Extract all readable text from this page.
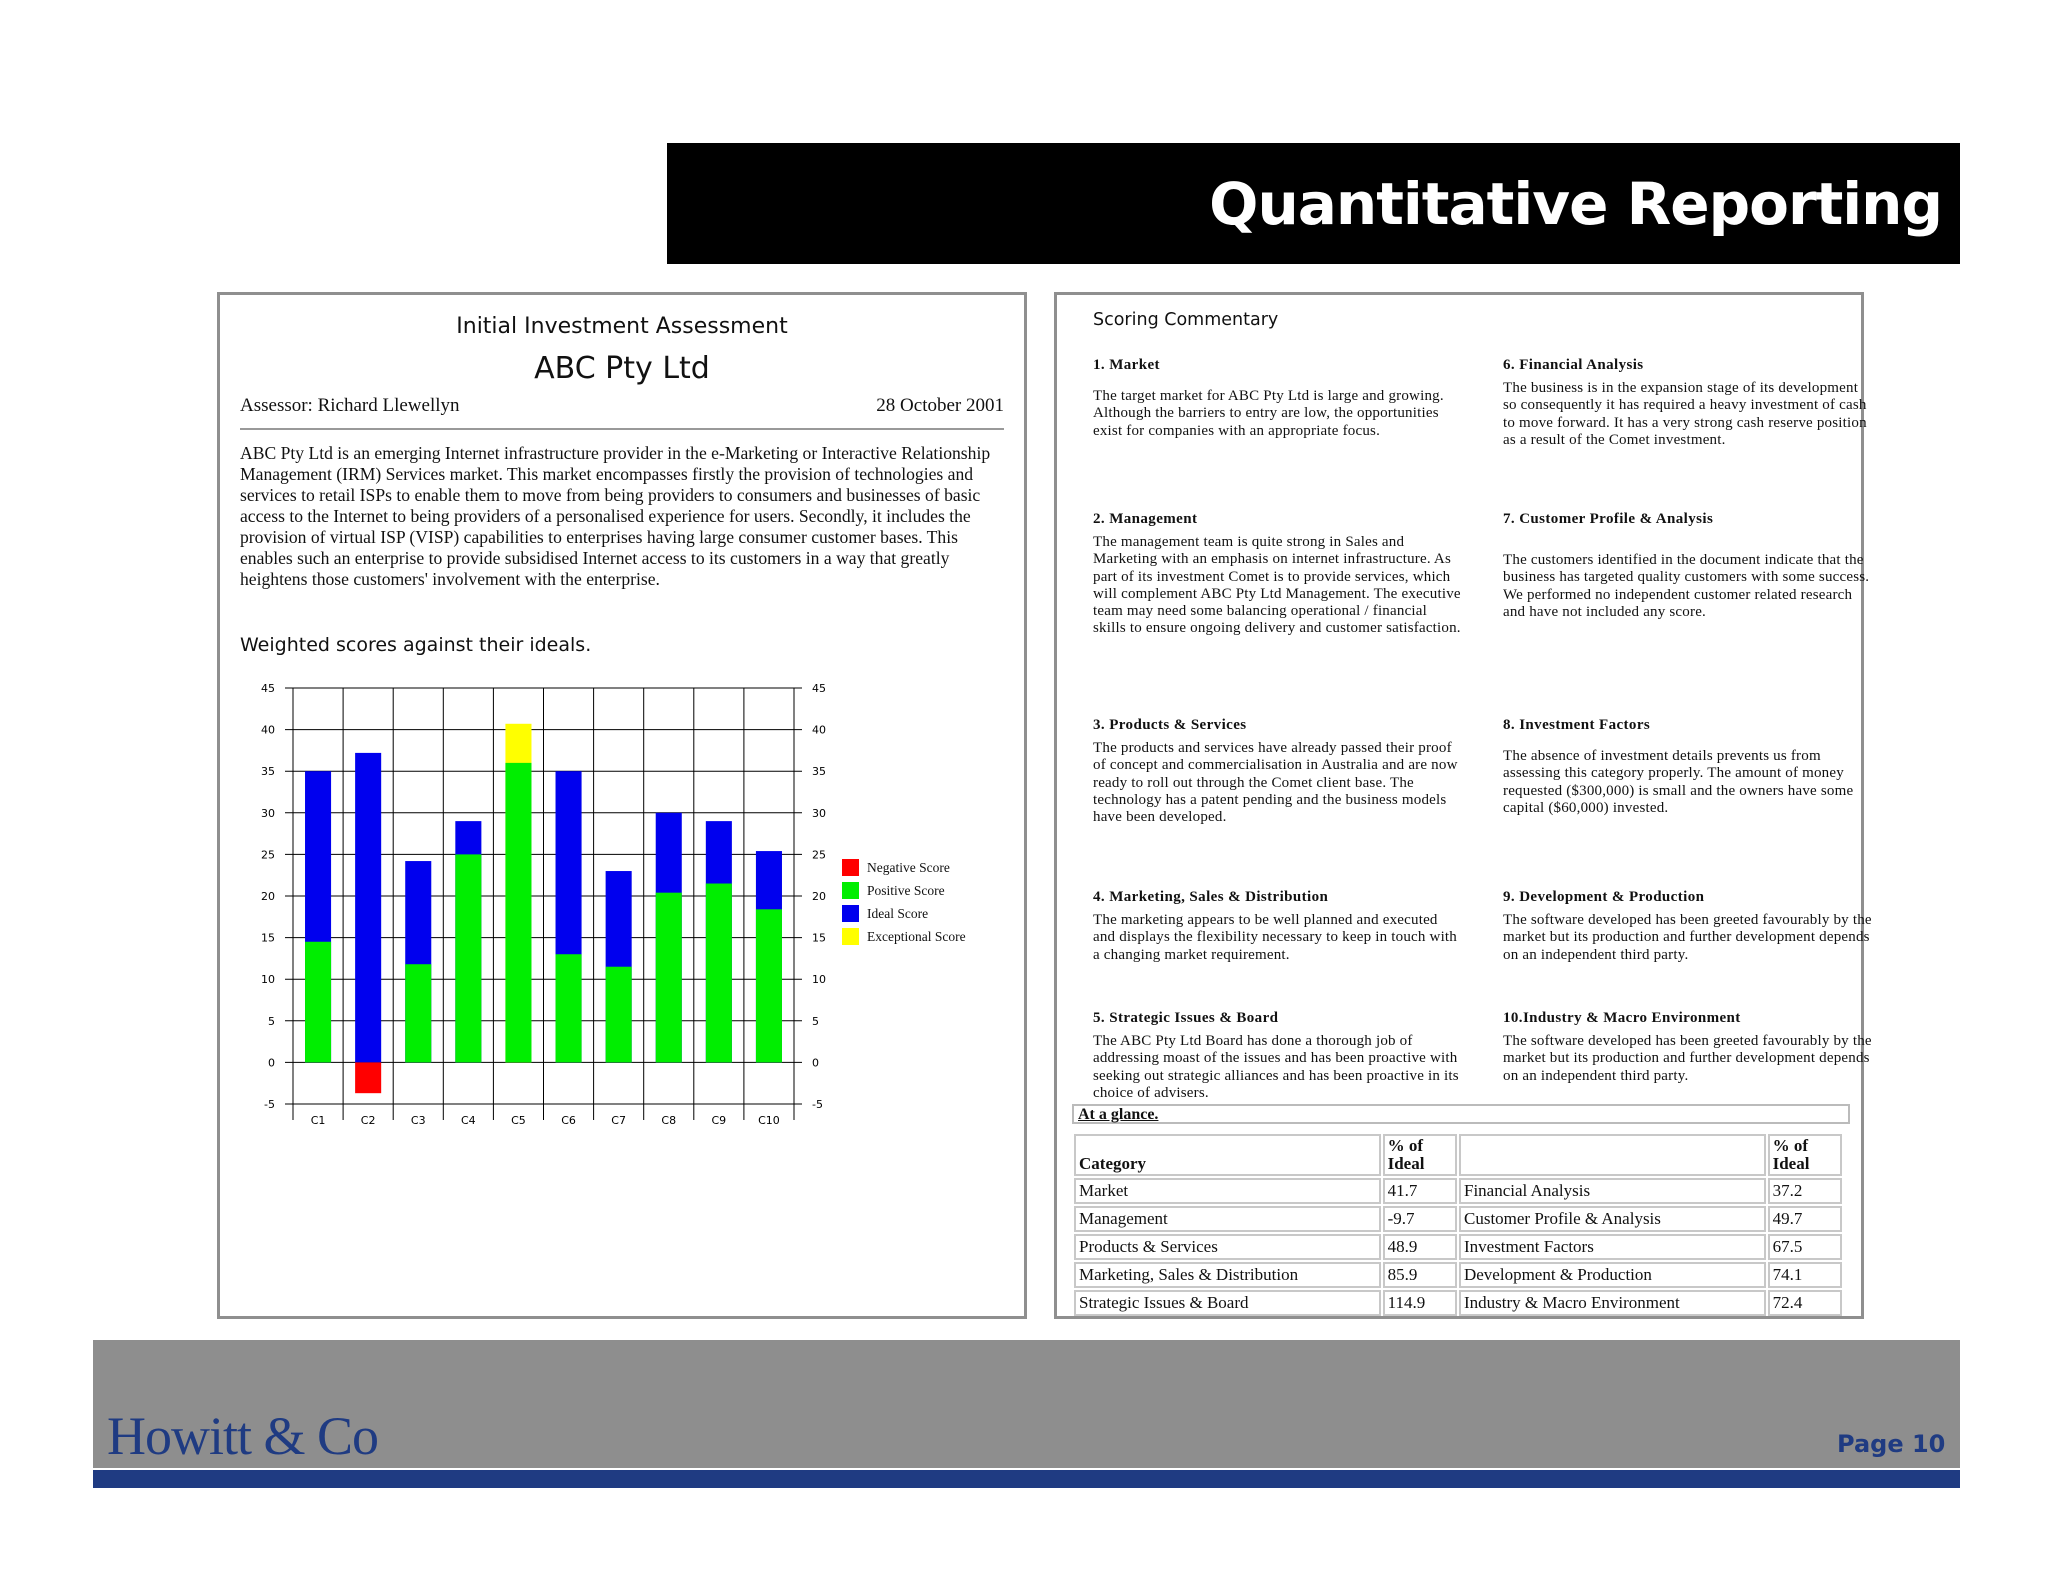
Quantitative Reporting
Initial Investment Assessment
ABC Pty Ltd
Assessor: Richard Llewellyn	28 October 2001
ABC Pty Ltd is an emerging Internet infrastructure provider in the e-Marketing or Interactive Relationship Management (IRM) Services market. This market encompasses firstly the provision of technologies and services to retail ISPs to enable them to move from being providers to consumers and businesses of basic access to the Internet to being providers of a personalised experience for users. Secondly, it includes the provision of virtual ISP (VISP) capabilities to enterprises having large consumer customer bases. This enables such an enterprise to provide subsidised Internet access to its customers in a way that greatly heightens those customers' involvement with the enterprise.
Weighted scores against their ideals.
-5	-5
0	0
5	5
10	10
15	15
20	20
25	25
30	30
35	35
40	40
45	45
C1	C2	C3	C4	C5	C6	C7	C8	C9	C10
Negative Score
Positive Score
Ideal Score
Exceptional Score
Scoring Commentary
1. Market

The target market for ABC Pty Ltd is large and growing. Although the barriers to entry are low, the opportunities exist for companies with an appropriate focus.

2. Management

The management team is quite strong in Sales and Marketing with an emphasis on internet infrastructure. As part of its investment Comet is to provide services, which will complement ABC Pty Ltd Management. The executive team may need some balancing operational / financial skills to ensure ongoing delivery and customer satisfaction.

3. Products & Services

The products and services have already passed their proof of concept and commercialisation in Australia and are now ready to roll out through the Comet client base. The technology has a patent pending and the business models have been developed.

4. Marketing, Sales & Distribution

The marketing appears to be well planned and executed and displays the flexibility necessary to keep in touch with a changing market requirement.

5. Strategic Issues & Board

The ABC Pty Ltd Board has done a thorough job of addressing moast of the issues and has been proactive with seeking out strategic alliances and has been proactive in its choice of advisers.

6. Financial Analysis

The business is in the expansion stage of its development so consequently it has required a heavy investment of cash to move forward. It has a very strong cash reserve position as a result of the Comet investment.

7. Customer Profile & Analysis

The customers identified in the document indicate that the business has targeted quality customers with some success. We performed no independent customer related research and have not included any score.

8. Investment Factors

The absence of investment details prevents us from assessing this category properly. The amount of money requested ($300,000) is small and the owners have some capital ($60,000) invested.

9. Development & Production

The software developed has been greeted favourably by the market but its production and further development depends on an independent third party.

10.Industry & Macro Environment

The software developed has been greeted favourably by the market but its production and further development depends on an independent third party.

At a glance.
Category	% of Ideal		% of Ideal
Market	41.7	Financial Analysis	37.2
Management	-9.7	Customer Profile & Analysis	49.7
Products & Services	48.9	Investment Factors	67.5
Marketing, Sales & Distribution	85.9	Development & Production	74.1
Strategic Issues & Board	114.9	Industry & Macro Environment	72.4
Howitt & Co	Page 10
